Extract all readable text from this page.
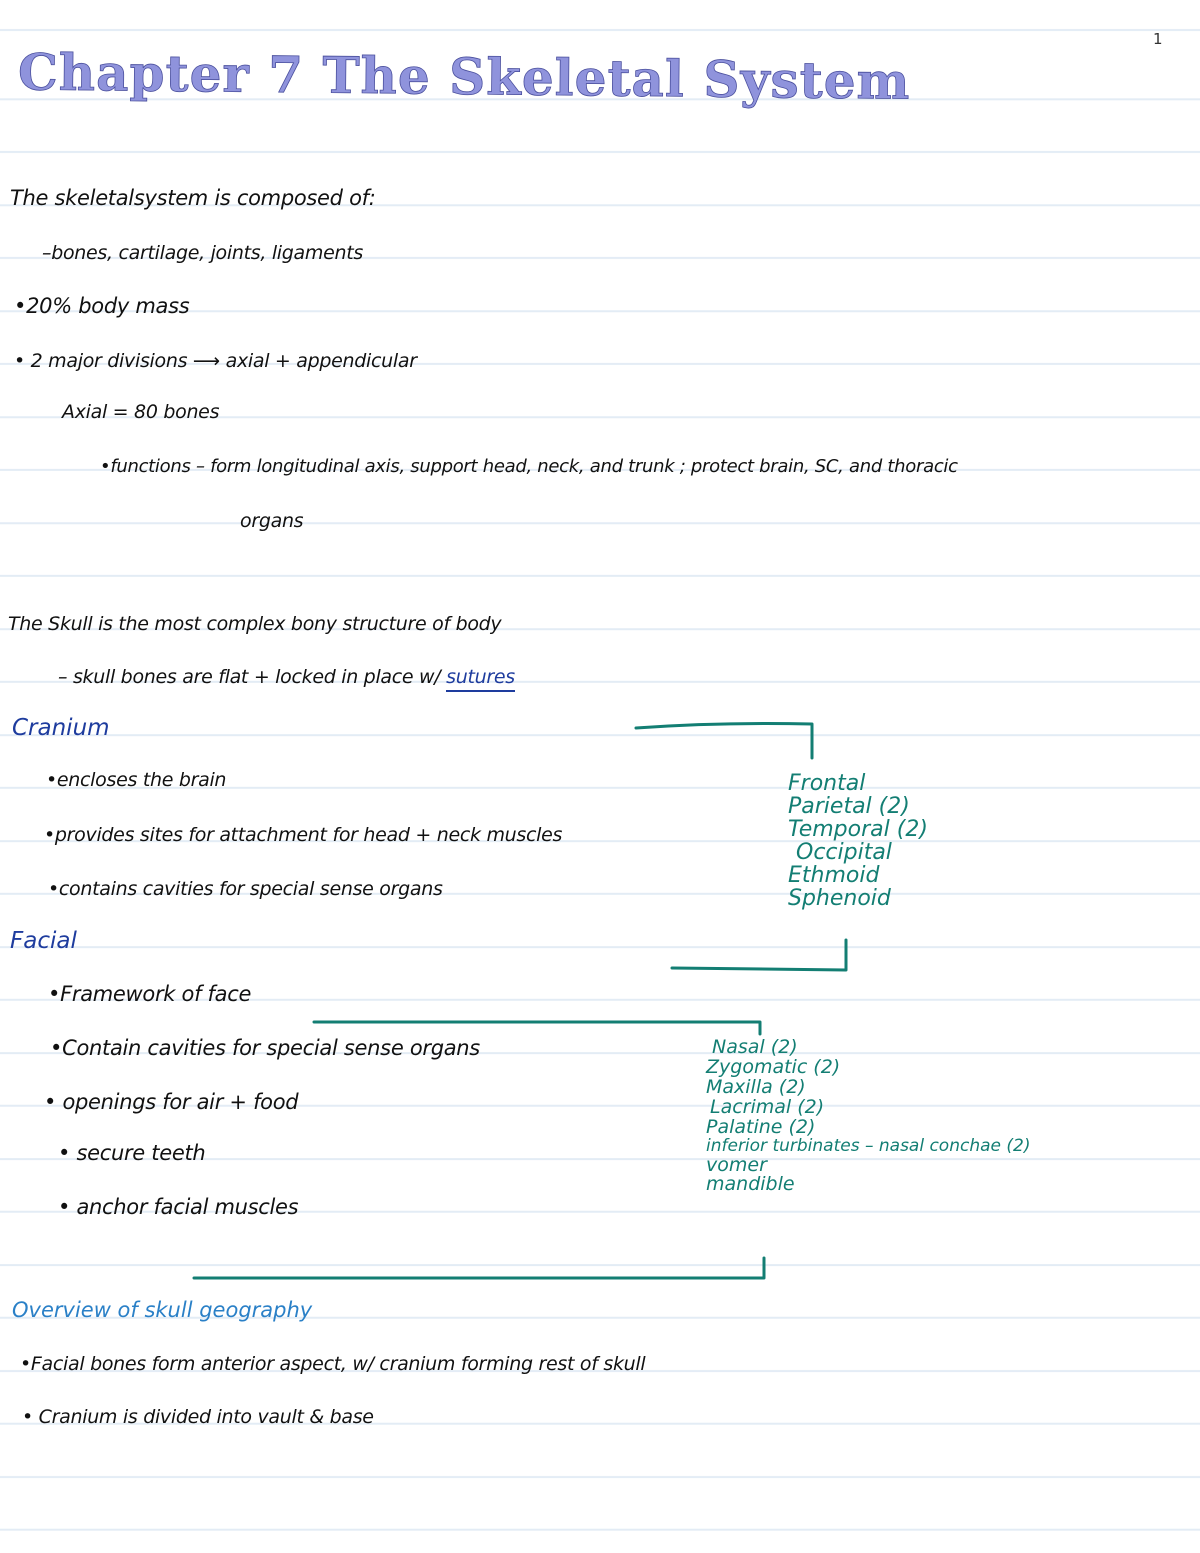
1
Chapter 7 The Skeletal System
The skeletalsystem is composed of:
–bones, cartilage, joints, ligaments
•20% body mass
• 2 major divisions ⟶ axial + appendicular
Axial = 80 bones
•functions – form longitudinal axis, support head, neck, and trunk ; protect brain, SC, and thoracic
organs
The Skull is the most complex bony structure of body
– skull bones are flat + locked in place w/ sutures
Cranium
•encloses the brain
•provides sites for attachment for head + neck muscles
•contains cavities for special sense organs
Frontal
Parietal (2)
Temporal (2)
Occipital
Ethmoid
Sphenoid
Facial
•Framework of face
•Contain cavities for special sense organs
• openings for air + food
• secure teeth
• anchor facial muscles
Nasal (2)
Zygomatic (2)
Maxilla (2)
Lacrimal (2)
Palatine (2)
inferior turbinates – nasal conchae (2)
vomer
mandible
Overview of skull geography
•Facial bones form anterior aspect, w/ cranium forming rest of skull
• Cranium is divided into vault & base
